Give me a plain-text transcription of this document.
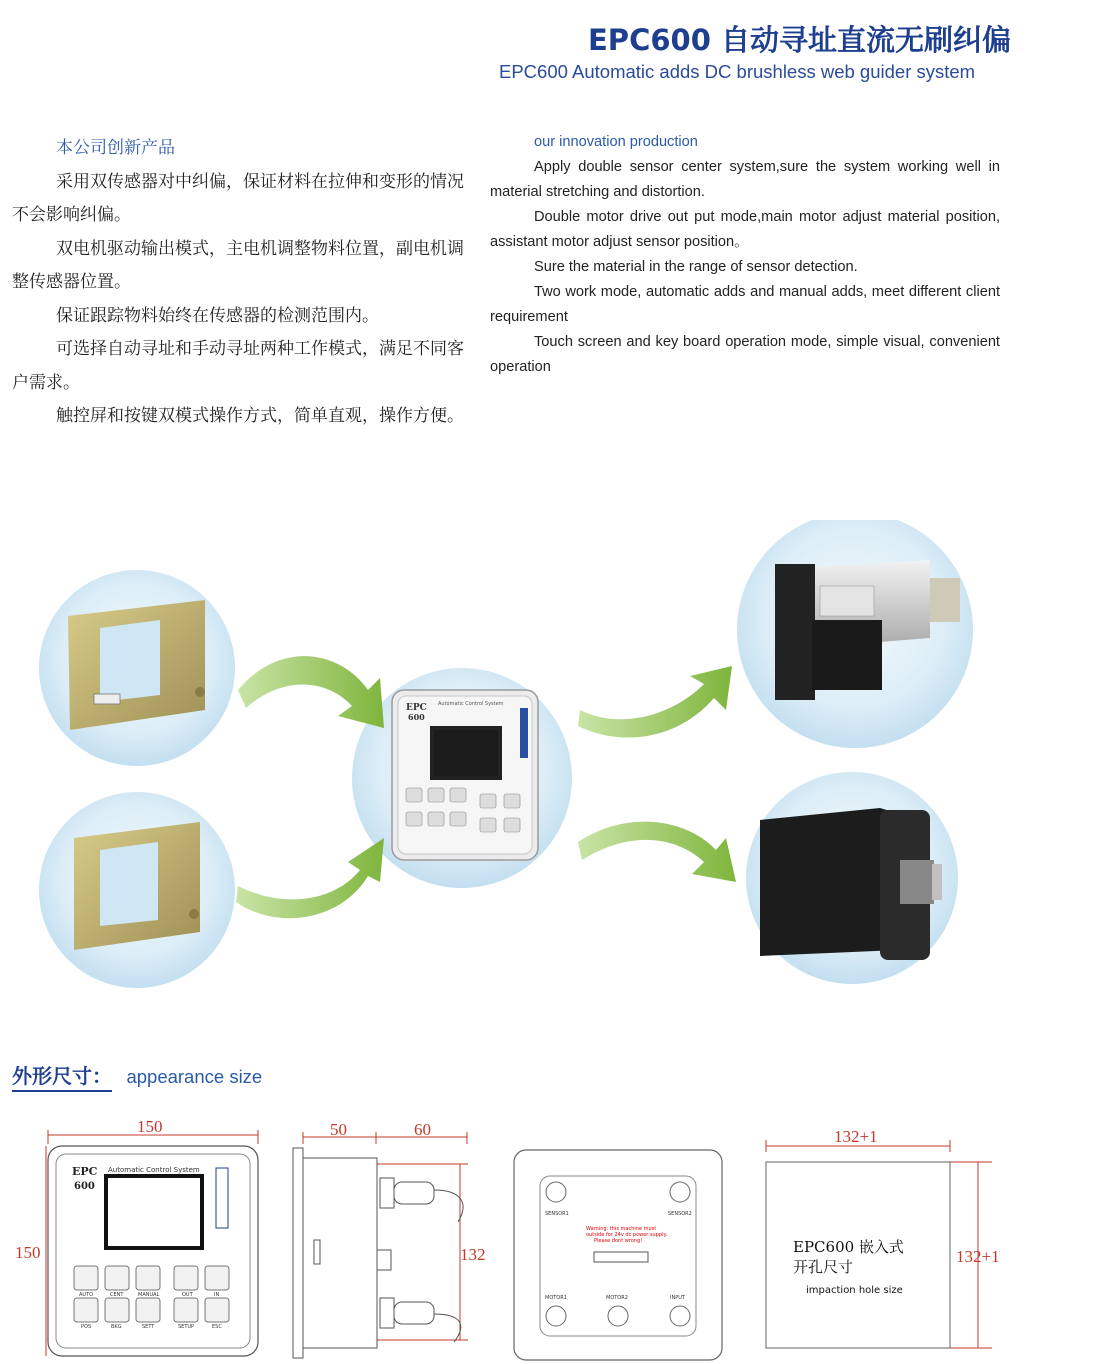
EPC600 自动寻址直流无刷纠偏
EPC600 Automatic adds DC brushless web guider system
本公司创新产品

采用双传感器对中纠偏，保证材料在拉伸和变形的情况不会影响纠偏。

双电机驱动输出模式，主电机调整物料位置，副电机调整传感器位置。

保证跟踪物料始终在传感器的检测范围内。

可选择自动寻址和手动寻址两种工作模式，满足不同客户需求。

触控屏和按键双模式操作方式，简单直观，操作方便。

our innovation production

Apply double sensor center system,sure the system working well in material stretching and distortion.

Double motor drive out put mode,main motor adjust material position, assistant motor adjust sensor position。

Sure the material in the range of sensor detection.

Two work mode, automatic adds and manual adds, meet different client requirement

Touch screen and key board operation mode, simple visual, convenient operation

EPC
600
Automatic Control System
外形尺寸： appearance size
150
150
EPC
600
Automatic Control System
AUTO	CENT	MANUAL	OUT	IN
POS	BKG	SETT	SETUP	ESC
50	60
132
SENSOR1	SENSOR2
MOTOR1	MOTOR2	INPUT
Warning: this machine must
outside for 24v dc power supply.
Please dont wrong!
132+1
132+1
EPC600 嵌入式
开孔尺寸
impaction hole size
